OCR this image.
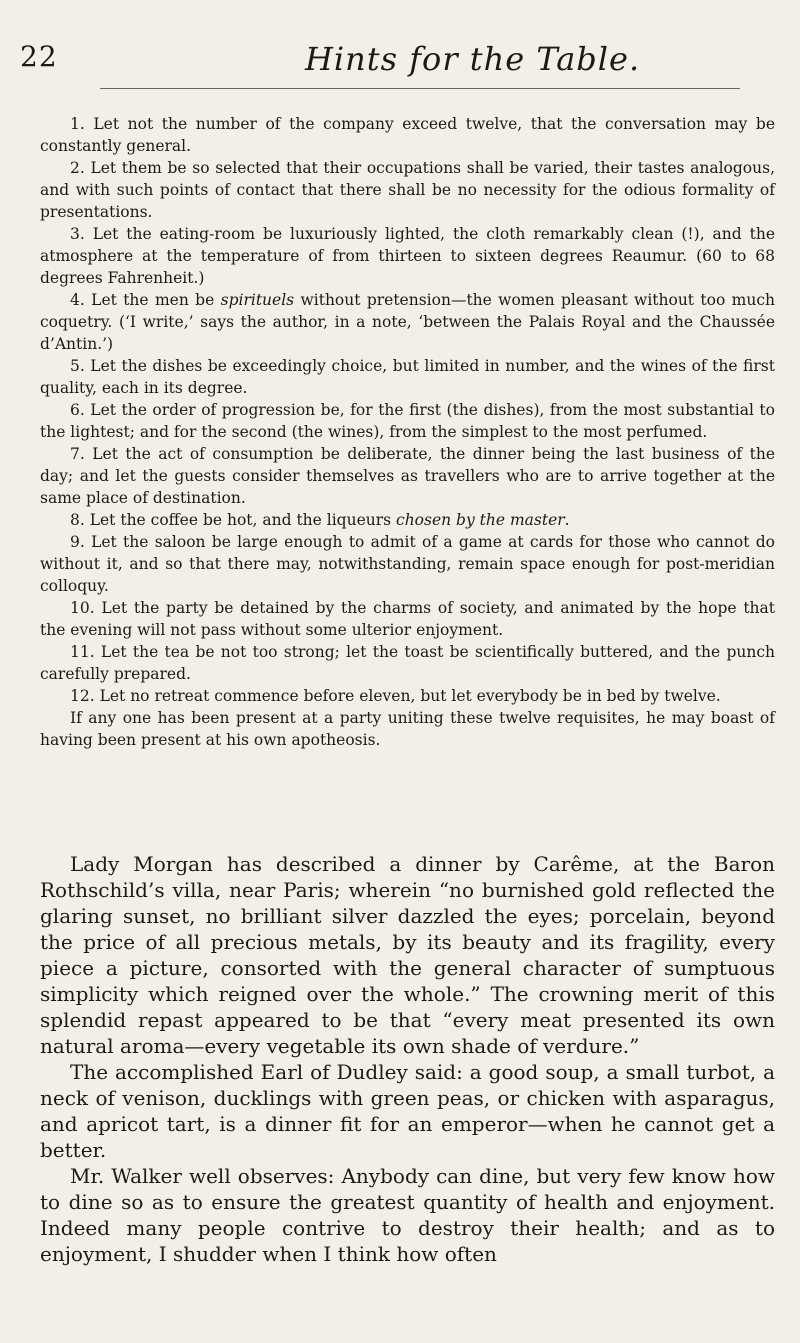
22	Hints for the Table.

1. Let not the number of the company exceed twelve, that the conversation may be constantly general.

2. Let them be so selected that their occupations shall be varied, their tastes analogous, and with such points of contact that there shall be no necessity for the odious formality of presentations.

3. Let the eating-room be luxuriously lighted, the cloth remarkably clean (!), and the atmosphere at the temperature of from thirteen to sixteen degrees Reaumur. (60 to 68 degrees Fahrenheit.)

4. Let the men be spirituels without pretension—the women pleasant without too much coquetry. (‘I write,’ says the author, in a note, ‘between the Palais Royal and the Chaussée d’Antin.’)

5. Let the dishes be exceedingly choice, but limited in number, and the wines of the first quality, each in its degree.

6. Let the order of progression be, for the first (the dishes), from the most substantial to the lightest; and for the second (the wines), from the simplest to the most perfumed.

7. Let the act of consumption be deliberate, the dinner being the last business of the day; and let the guests consider themselves as travellers who are to arrive together at the same place of destination.

8. Let the coffee be hot, and the liqueurs chosen by the master.

9. Let the saloon be large enough to admit of a game at cards for those who cannot do without it, and so that there may, notwithstanding, remain space enough for post-meridian colloquy.

10. Let the party be detained by the charms of society, and animated by the hope that the evening will not pass without some ulterior enjoyment.

11. Let the tea be not too strong; let the toast be scientifically buttered, and the punch carefully prepared.

12. Let no retreat commence before eleven, but let everybody be in bed by twelve.

If any one has been present at a party uniting these twelve requisites, he may boast of having been present at his own apotheosis.

Lady Morgan has described a dinner by Carême, at the Baron Rothschild’s villa, near Paris; wherein “no burnished gold reflected the glaring sunset, no brilliant silver dazzled the eyes; porcelain, beyond the price of all precious metals, by its beauty and its fragility, every piece a picture, consorted with the general character of sumptuous simplicity which reigned over the whole.” The crowning merit of this splendid repast appeared to be that “every meat presented its own natural aroma—every vegetable its own shade of verdure.”

The accomplished Earl of Dudley said: a good soup, a small turbot, a neck of venison, ducklings with green peas, or chicken with asparagus, and apricot tart, is a dinner fit for an emperor—when he cannot get a better.

Mr. Walker well observes: Anybody can dine, but very few know how to dine so as to ensure the greatest quantity of health and enjoyment. Indeed many people contrive to destroy their health; and as to enjoyment, I shudder when I think how often
